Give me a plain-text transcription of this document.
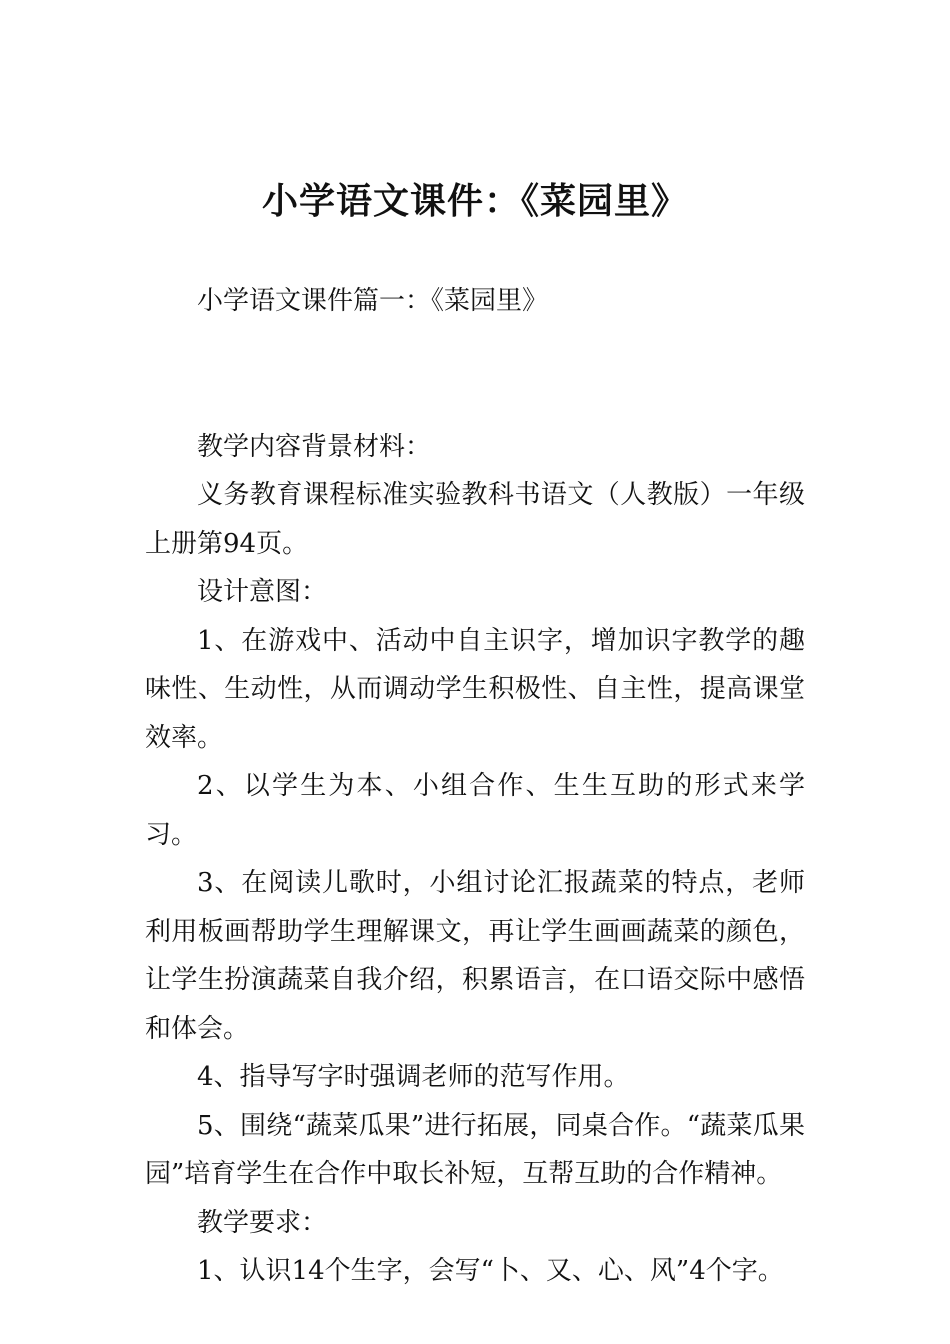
小学语文课件：《菜园里》

小学语文课件篇一：《菜园里》

教学内容背景材料：

义务教育课程标准实验教科书语文（人教版）一年级上册第94页。

设计意图：

1、在游戏中、活动中自主识字，增加识字教学的趣味性、生动性，从而调动学生积极性、自主性，提高课堂效率。

2、以学生为本、小组合作、生生互助的形式来学习。

3、在阅读儿歌时，小组讨论汇报蔬菜的特点，老师利用板画帮助学生理解课文，再让学生画画蔬菜的颜色，让学生扮演蔬菜自我介绍，积累语言，在口语交际中感悟和体会。

4、指导写字时强调老师的范写作用。

5、围绕“蔬菜瓜果”进行拓展，同桌合作。“蔬菜瓜果园”培育学生在合作中取长补短，互帮互助的合作精神。

教学要求：

1、认识14个生字，会写“卜、又、心、风”4个字。
